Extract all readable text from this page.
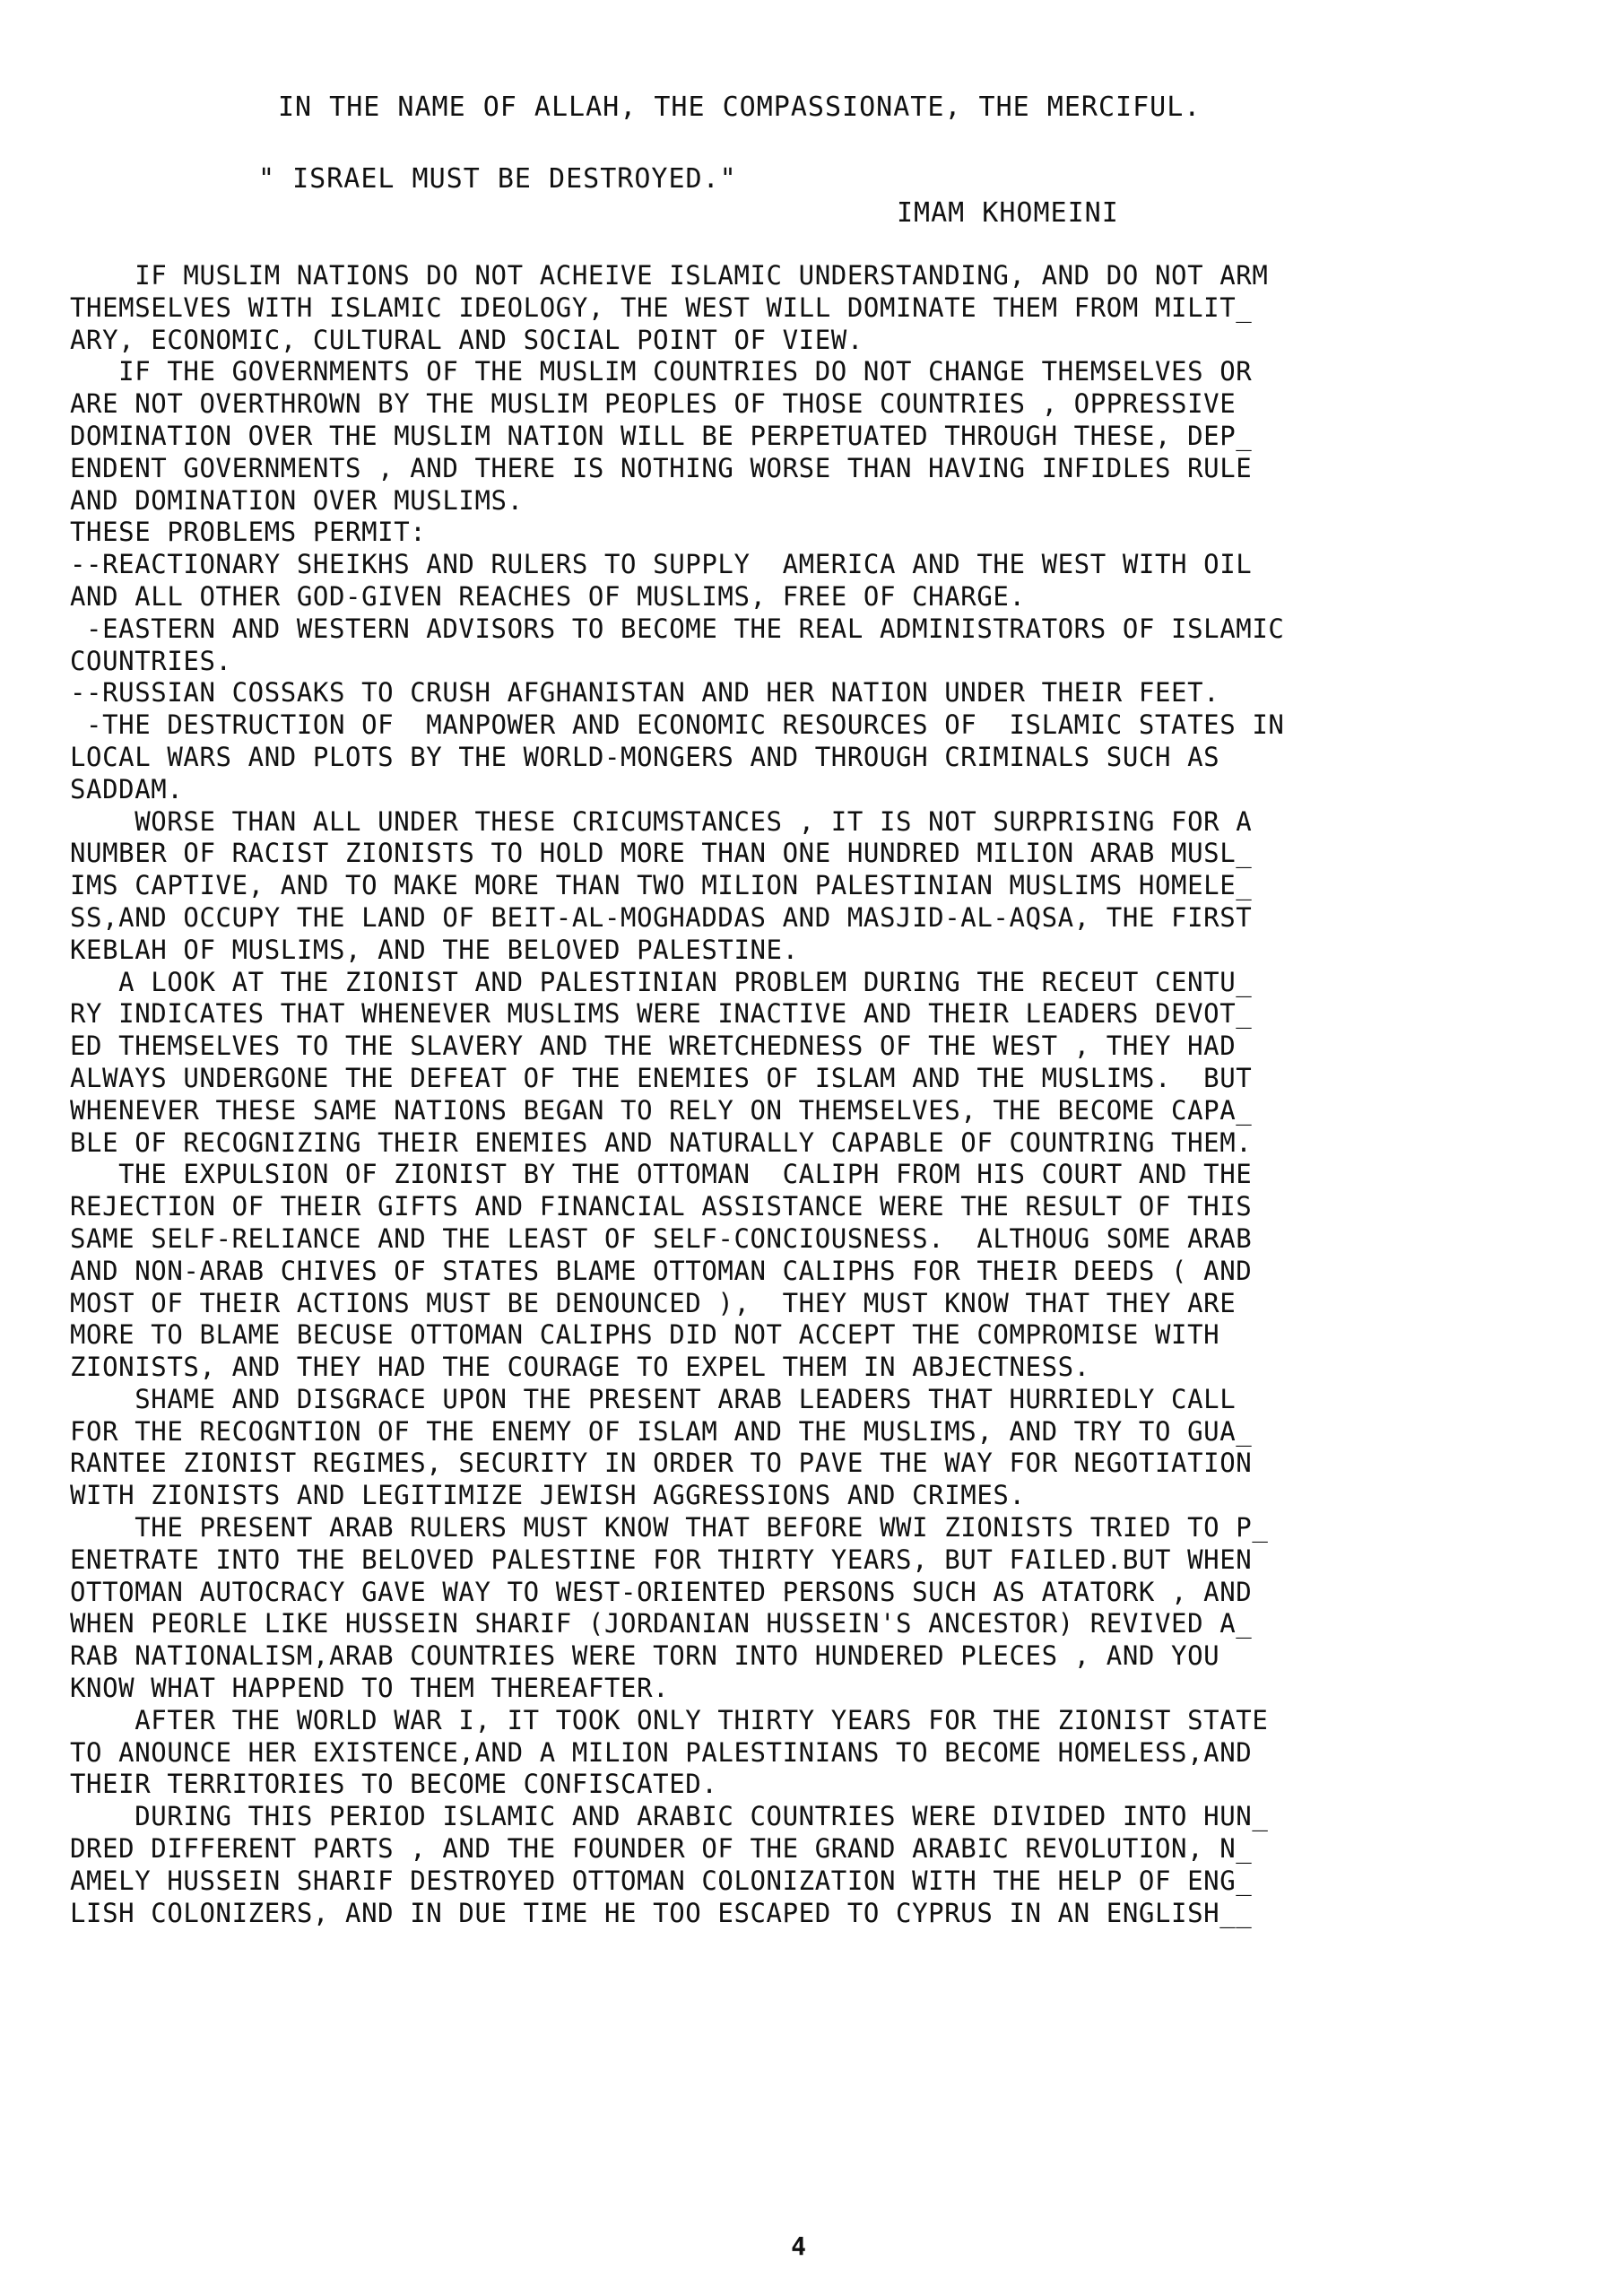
IN THE NAME OF ALLAH, THE COMPASSIONATE, THE MERCIFUL.
" ISRAEL MUST BE DESTROYED."
IMAM KHOMEINI
IF MUSLIM NATIONS DO NOT ACHEIVE ISLAMIC UNDERSTANDING, AND DO NOT ARM
THEMSELVES WITH ISLAMIC IDEOLOGY, THE WEST WILL DOMINATE THEM FROM MILIT_
ARY, ECONOMIC, CULTURAL AND SOCIAL POINT OF VIEW.
IF THE GOVERNMENTS OF THE MUSLIM COUNTRIES DO NOT CHANGE THEMSELVES OR
ARE NOT OVERTHROWN BY THE MUSLIM PEOPLES OF THOSE COUNTRIES , OPPRESSIVE
DOMINATION OVER THE MUSLIM NATION WILL BE PERPETUATED THROUGH THESE, DEP_
ENDENT GOVERNMENTS , AND THERE IS NOTHING WORSE THAN HAVING INFIDLES RULE
AND DOMINATION OVER MUSLIMS.
THESE PROBLEMS PERMIT:
--REACTIONARY SHEIKHS AND RULERS TO SUPPLY  AMERICA AND THE WEST WITH OIL
AND ALL OTHER GOD-GIVEN REACHES OF MUSLIMS, FREE OF CHARGE.
-EASTERN AND WESTERN ADVISORS TO BECOME THE REAL ADMINISTRATORS OF ISLAMIC
COUNTRIES.
--RUSSIAN COSSAKS TO CRUSH AFGHANISTAN AND HER NATION UNDER THEIR FEET.
-THE DESTRUCTION OF  MANPOWER AND ECONOMIC RESOURCES OF  ISLAMIC STATES IN
LOCAL WARS AND PLOTS BY THE WORLD-MONGERS AND THROUGH CRIMINALS SUCH AS
SADDAM.
WORSE THAN ALL UNDER THESE CRICUMSTANCES , IT IS NOT SURPRISING FOR A
NUMBER OF RACIST ZIONISTS TO HOLD MORE THAN ONE HUNDRED MILION ARAB MUSL_
IMS CAPTIVE, AND TO MAKE MORE THAN TWO MILION PALESTINIAN MUSLIMS HOMELE_
SS,AND OCCUPY THE LAND OF BEIT-AL-MOGHADDAS AND MASJID-AL-AQSA, THE FIRST
KEBLAH OF MUSLIMS, AND THE BELOVED PALESTINE.
A LOOK AT THE ZIONIST AND PALESTINIAN PROBLEM DURING THE RECEUT CENTU_
RY INDICATES THAT WHENEVER MUSLIMS WERE INACTIVE AND THEIR LEADERS DEVOT_
ED THEMSELVES TO THE SLAVERY AND THE WRETCHEDNESS OF THE WEST , THEY HAD
ALWAYS UNDERGONE THE DEFEAT OF THE ENEMIES OF ISLAM AND THE MUSLIMS.  BUT
WHENEVER THESE SAME NATIONS BEGAN TO RELY ON THEMSELVES, THE BECOME CAPA_
BLE OF RECOGNIZING THEIR ENEMIES AND NATURALLY CAPABLE OF COUNTRING THEM.
THE EXPULSION OF ZIONIST BY THE OTTOMAN  CALIPH FROM HIS COURT AND THE
REJECTION OF THEIR GIFTS AND FINANCIAL ASSISTANCE WERE THE RESULT OF THIS
SAME SELF-RELIANCE AND THE LEAST OF SELF-CONCIOUSNESS.  ALTHOUG SOME ARAB
AND NON-ARAB CHIVES OF STATES BLAME OTTOMAN CALIPHS FOR THEIR DEEDS ( AND
MOST OF THEIR ACTIONS MUST BE DENOUNCED ),  THEY MUST KNOW THAT THEY ARE
MORE TO BLAME BECUSE OTTOMAN CALIPHS DID NOT ACCEPT THE COMPROMISE WITH
ZIONISTS, AND THEY HAD THE COURAGE TO EXPEL THEM IN ABJECTNESS.
SHAME AND DISGRACE UPON THE PRESENT ARAB LEADERS THAT HURRIEDLY CALL
FOR THE RECOGNTION OF THE ENEMY OF ISLAM AND THE MUSLIMS, AND TRY TO GUA_
RANTEE ZIONIST REGIMES, SECURITY IN ORDER TO PAVE THE WAY FOR NEGOTIATION
WITH ZIONISTS AND LEGITIMIZE JEWISH AGGRESSIONS AND CRIMES.
THE PRESENT ARAB RULERS MUST KNOW THAT BEFORE WWI ZIONISTS TRIED TO P_
ENETRATE INTO THE BELOVED PALESTINE FOR THIRTY YEARS, BUT FAILED.BUT WHEN
OTTOMAN AUTOCRACY GAVE WAY TO WEST-ORIENTED PERSONS SUCH AS ATATORK , AND
WHEN PEORLE LIKE HUSSEIN SHARIF (JORDANIAN HUSSEIN'S ANCESTOR) REVIVED A_
RAB NATIONALISM,ARAB COUNTRIES WERE TORN INTO HUNDERED PLECES , AND YOU
KNOW WHAT HAPPEND TO THEM THEREAFTER.
AFTER THE WORLD WAR I, IT TOOK ONLY THIRTY YEARS FOR THE ZIONIST STATE
TO ANOUNCE HER EXISTENCE,AND A MILION PALESTINIANS TO BECOME HOMELESS,AND
THEIR TERRITORIES TO BECOME CONFISCATED.
DURING THIS PERIOD ISLAMIC AND ARABIC COUNTRIES WERE DIVIDED INTO HUN_
DRED DIFFERENT PARTS , AND THE FOUNDER OF THE GRAND ARABIC REVOLUTION, N_
AMELY HUSSEIN SHARIF DESTROYED OTTOMAN COLONIZATION WITH THE HELP OF ENG_
LISH COLONIZERS, AND IN DUE TIME HE TOO ESCAPED TO CYPRUS IN AN ENGLISH__
4
